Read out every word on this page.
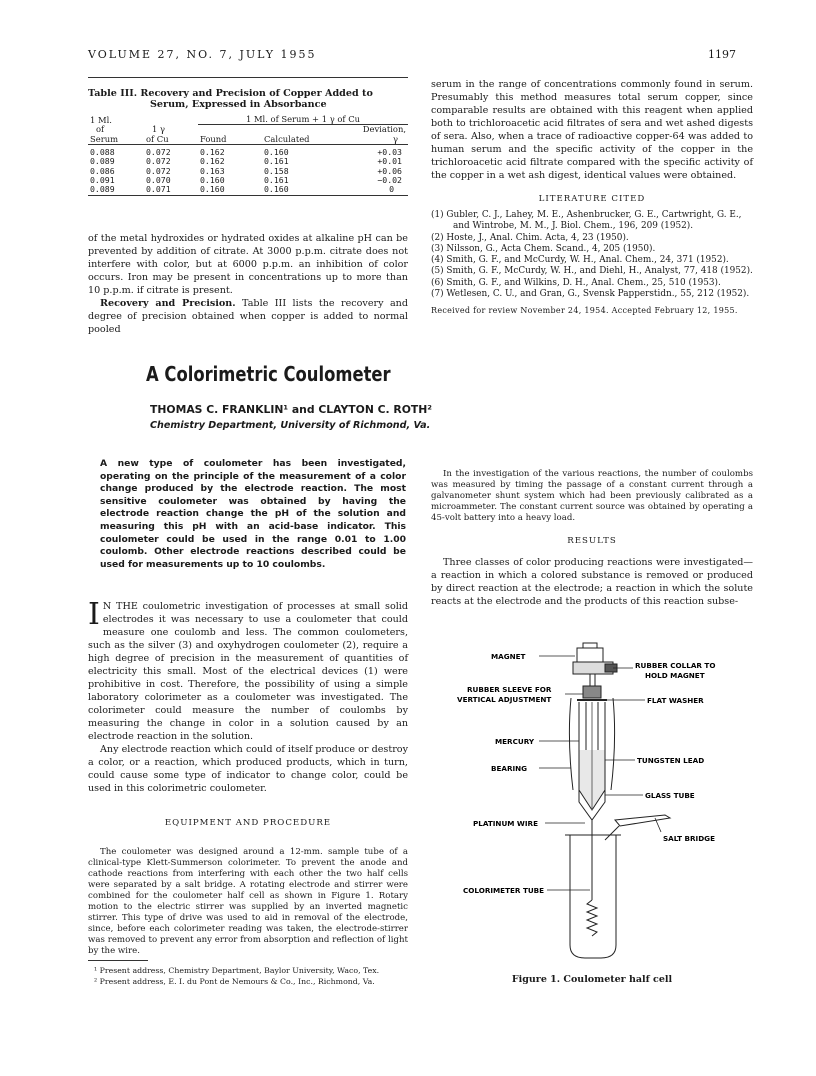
VOLUME 27, NO. 7, JULY 1955	1197
Table III. Recovery and Precision of Copper Added to
Serum, Expressed in Absorbance
1 Ml.		1 Ml. of Serum + 1 γ of Cu		
of	1 γ			Deviation,
Serum	of Cu	Found	Calculated	γ

0.088	0.072	0.162	0.160	+0.03
0.089	0.072	0.162	0.161	+0.01
0.086	0.072	0.163	0.158	+0.06
0.091	0.070	0.160	0.161	−0.02
0.089	0.071	0.160	0.160	0

of the metal hydroxides or hydrated oxides at alkaline pH can be prevented by addition of citrate. At 3000 p.p.m. citrate does not interfere with color, but at 6000 p.p.m. an inhibition of color occurs. Iron may be present in concentrations up to more than 10 p.p.m. if citrate is present.

Recovery and Precision. Table III lists the recovery and degree of precision obtained when copper is added to normal pooled

serum in the range of concentrations commonly found in serum. Presumably this method measures total serum copper, since comparable results are obtained with this reagent when applied both to trichloroacetic acid filtrates of sera and wet ashed digests of sera. Also, when a trace of radioactive copper-64 was added to human serum and the specific activity of the copper in the trichloroacetic acid filtrate compared with the specific activity of the copper in a wet ash digest, identical values were obtained.

LITERATURE CITED
(1) Gubler, C. J., Lahey, M. E., Ashenbrucker, G. E., Cartwright, G. E., and Wintrobe, M. M., J. Biol. Chem., 196, 209 (1952).
(2) Hoste, J., Anal. Chim. Acta, 4, 23 (1950).
(3) Nilsson, G., Acta Chem. Scand., 4, 205 (1950).
(4) Smith, G. F., and McCurdy, W. H., Anal. Chem., 24, 371 (1952).
(5) Smith, G. F., McCurdy, W. H., and Diehl, H., Analyst, 77, 418 (1952).
(6) Smith, G. F., and Wilkins, D. H., Anal. Chem., 25, 510 (1953).
(7) Wetlesen, C. U., and Gran, G., Svensk Papperstidn., 55, 212 (1952).
Received for review November 24, 1954. Accepted February 12, 1955.
A Colorimetric Coulometer
THOMAS C. FRANKLIN¹ and CLAYTON C. ROTH²
Chemistry Department, University of Richmond, Va.
A new type of coulometer has been investigated, operating on the principle of the measurement of a color change produced by the electrode reaction. The most sensitive coulometer was obtained by having the electrode reaction change the pH of the solution and measuring this pH with an acid-base indicator. This coulometer could be used in the range 0.01 to 1.00 coulomb. Other electrode reactions described could be used for measurements up to 10 coulombs.

I N THE coulometric investigation of processes at small solid electrodes it was necessary to use a coulometer that could measure one coulomb and less. The common coulometers, such as the silver (3) and oxyhydrogen coulometer (2), require a high degree of precision in the measurement of quantities of electricity this small. Most of the electrical devices (1) were prohibitive in cost. Therefore, the possibility of using a simple laboratory colorimeter as a coulometer was investigated. The colorimeter could measure the number of coulombs by measuring the change in color in a solution caused by an electrode reaction in the solution.

Any electrode reaction which could of itself produce or destroy a color, or a reaction, which produced products, which in turn, could cause some type of indicator to change color, could be used in this colorimetric coulometer.

EQUIPMENT AND PROCEDURE

The coulometer was designed around a 12-mm. sample tube of a clinical-type Klett-Summerson colorimeter. To prevent the anode and cathode reactions from interfering with each other the two half cells were separated by a salt bridge. A rotating electrode and stirrer were combined for the coulometer half cell as shown in Figure 1. Rotary motion to the electric stirrer was supplied by an inverted magnetic stirrer. This type of drive was used to aid in removal of the electrode, since, before each colorimeter reading was taken, the electrode-stirrer was removed to prevent any error from absorption and reflection of light by the wire.

¹ Present address, Chemistry Department, Baylor University, Waco, Tex.
² Present address, E. I. du Pont de Nemours & Co., Inc., Richmond, Va.

In the investigation of the various reactions, the number of coulombs was measured by timing the passage of a constant current through a galvanometer shunt system which had been previously calibrated as a microammeter. The constant current source was obtained by operating a 45-volt battery into a heavy load.

RESULTS

Three classes of color producing reactions were investigated—a reaction in which a colored substance is removed or produced by direct reaction at the electrode; a reaction in which the solute reacts at the electrode and the products of this reaction subse-

MAGNET
RUBBER COLLAR TO
HOLD MAGNET
RUBBER SLEEVE FOR
VERTICAL ADJUSTMENT	FLAT WASHER
MERCURY
TUNGSTEN LEAD
BEARING
GLASS TUBE
PLATINUM WIRE
SALT BRIDGE
COLORIMETER TUBE
Figure 1. Coulometer half cell
